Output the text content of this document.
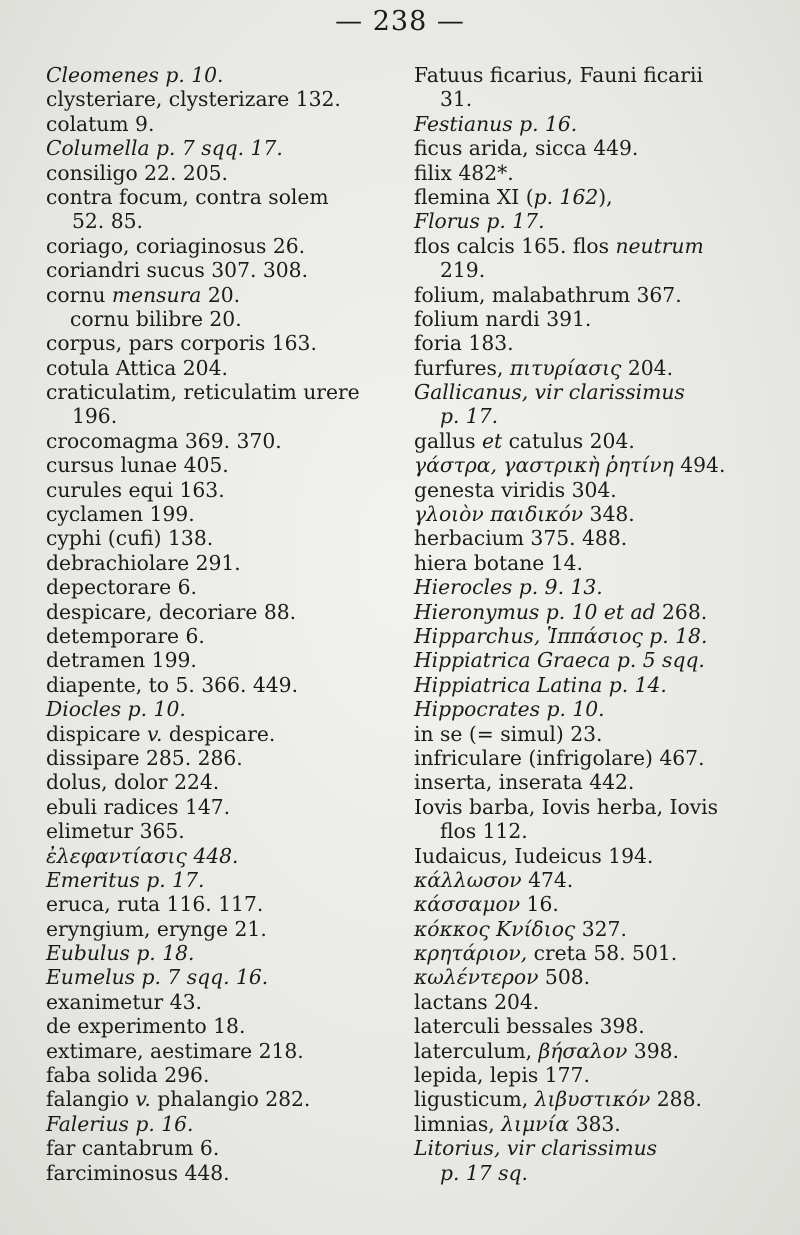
— 238 —
Cleomenes p. 10.
clysteriare, clysterizare 132.
colatum 9.
Columella p. 7 sqq. 17.
consiligo 22. 205.
contra focum, contra solem
52. 85.
coriago, coriaginosus 26.
coriandri sucus 307. 308.
cornu mensura 20.
cornu bilibre 20.
corpus, pars corporis 163.
cotula Attica 204.
craticulatim, reticulatim urere
196.
crocomagma 369. 370.
cursus lunae 405.
curules equi 163.
cyclamen 199.
cyphi (cufi) 138.
debrachiolare 291.
depectorare 6.
despicare, decoriare 88.
detemporare 6.
detramen 199.
diapente, to 5. 366. 449.
Diocles p. 10.
dispicare v. despicare.
dissipare 285. 286.
dolus, dolor 224.
ebuli radices 147.
elimetur 365.
ἐλεφαντίασις 448.
Emeritus p. 17.
eruca, ruta 116. 117.
eryngium, erynge 21.
Eubulus p. 18.
Eumelus p. 7 sqq. 16.
exanimetur 43.
de experimento 18.
extimare, aestimare 218.
faba solida 296.
falangio v. phalangio 282.
Falerius p. 16.
far cantabrum 6.
farciminosus 448.
Fatuus ficarius, Fauni ficarii
31.
Festianus p. 16.
ficus arida, sicca 449.
filix 482*.
flemina XI (p. 162),
Florus p. 17.
flos calcis 165. flos neutrum
219.
folium, malabathrum 367.
folium nardi 391.
foria 183.
furfures, πιτυρίασις 204.
Gallicanus, vir clarissimus
p. 17.
gallus et catulus 204.
γάστρα, γαστρικὴ ῥητίνη 494.
genesta viridis 304.
γλοιὸν παιδικόν 348.
herbacium 375. 488.
hiera botane 14.
Hierocles p. 9. 13.
Hieronymus p. 10 et ad 268.
Hipparchus, Ἱππάσιος p. 18.
Hippiatrica Graeca p. 5 sqq.
Hippiatrica Latina p. 14.
Hippocrates p. 10.
in se (= simul) 23.
infriculare (infrigolare) 467.
inserta, inserata 442.
Iovis barba, Iovis herba, Iovis
flos 112.
Iudaicus, Iudeicus 194.
κάλλωσον 474.
κάσσαμον 16.
κόκκος Κνίδιος 327.
κρητάριον, creta 58. 501.
κωλέντερον 508.
lactans 204.
laterculi bessales 398.
laterculum, βήσαλον 398.
lepida, lepis 177.
ligusticum, λιβυστικόν 288.
limnias, λιμνία 383.
Litorius, vir clarissimus
p. 17 sq.
